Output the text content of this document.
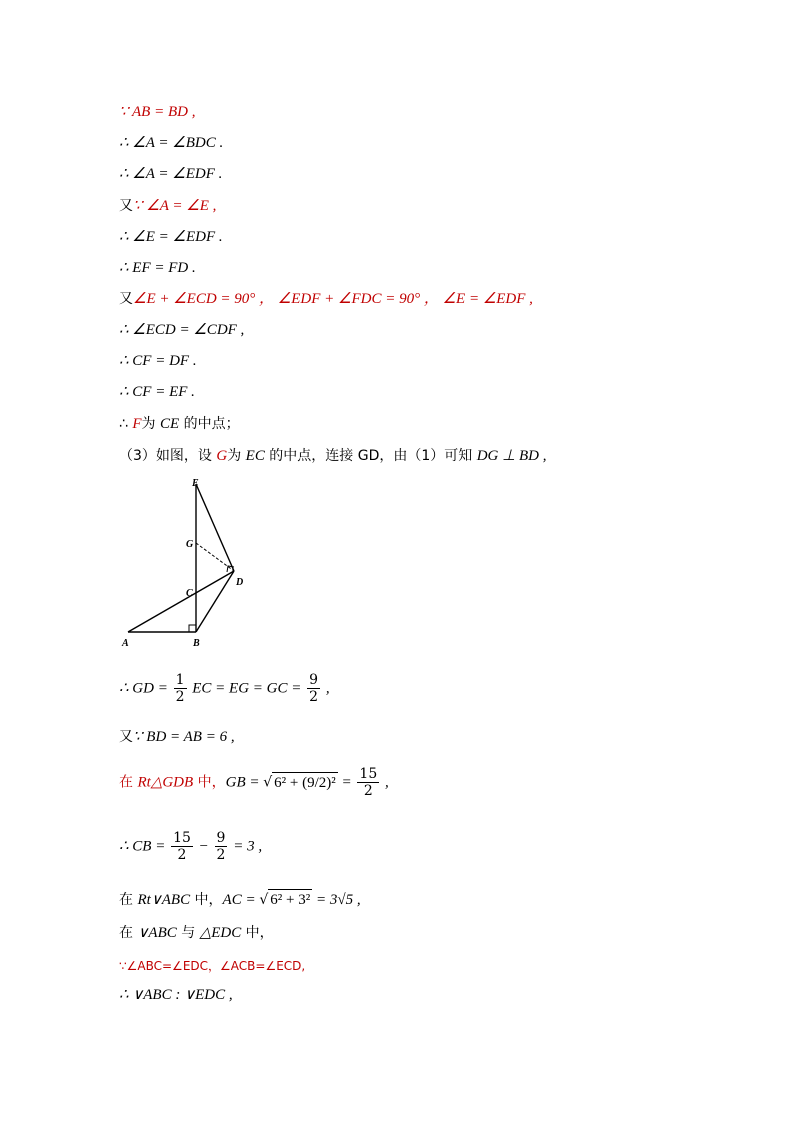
∵ AB = BD ,
∴ ∠A = ∠BDC .
∴ ∠A = ∠EDF .
又∵ ∠A = ∠E ,
∴ ∠E = ∠EDF .
∴ EF = FD .
又∠E + ∠ECD = 90° ， ∠EDF + ∠FDC = 90° ， ∠E = ∠EDF ,
∴ ∠ECD = ∠CDF ,
∴ CF = DF .
∴ CF = EF .
∴ F为 CE 的中点；
（3）如图，设 G为 EC 的中点，连接 GD，由（1）可知 DG ⊥ BD ,
E
G
C
D
A	B
∴ GD = $\frac{1}{2}$ EC = EG = GC = $\frac{9}{2}$ ,
又∵ BD = AB = 6 ,
在 Rt△GDB 中，GB = √ $6^2 + (9/2)^2 = \frac{15}{2}$ ,
∴ CB = $\frac{15}{2} - \frac{9}{2} = 3$ ,
在 Rt∨ABC 中，AC = √ 6² + 3² = 3√5 ,
在 ∨ABC 与 △EDC 中，
∵∠ABC=∠EDC，∠ACB=∠ECD,
∴ ∨ABC : ∨EDC ,
